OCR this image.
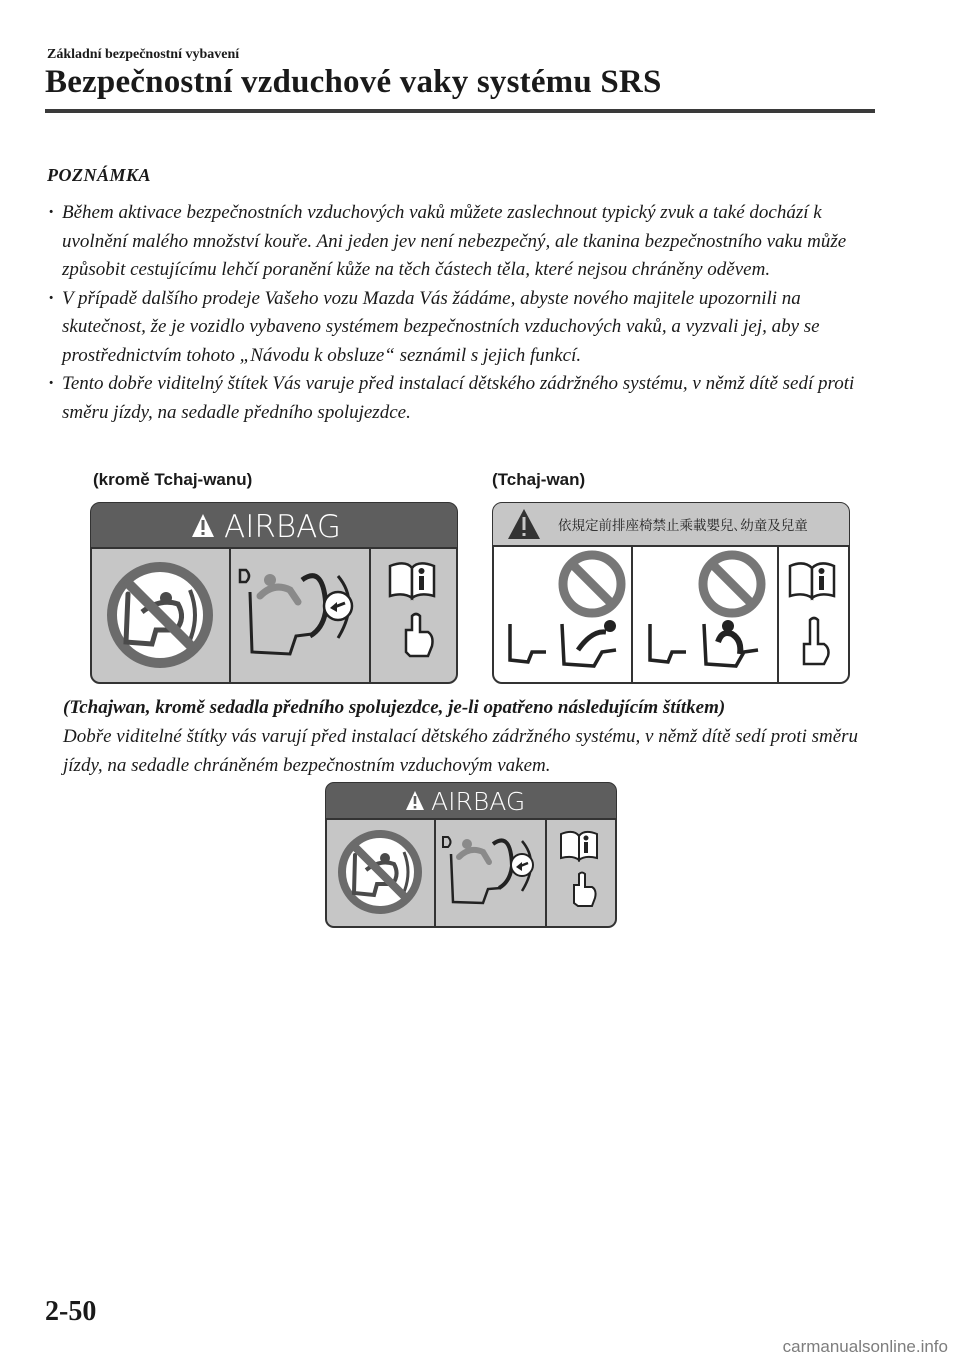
Základní bezpečnostní vybavení
Bezpečnostní vzduchové vaky systému SRS
POZNÁMKA
· Během aktivace bezpečnostních vzduchových vaků můžete zaslechnout typický zvuk a také dochází k uvolnění malého množství kouře. Ani jeden jev není nebezpečný, ale tkanina bezpečnostního vaku může způsobit cestujícímu lehčí poranění kůže na těch částech těla, které nejsou chráněny oděvem.
· V případě dalšího prodeje Vašeho vozu Mazda Vás žádáme, abyste nového majitele upozornili na skutečnost, že je vozidlo vybaveno systémem bezpečnostních vzduchových vaků, a vyzvali jej, aby se prostřednictvím tohoto „Návodu k obsluze“ seznámil s jejich funkcí.
· Tento dobře viditelný štítek Vás varuje před instalací dětského zádržného systému, v němž dítě sedí proti směru jízdy, na sedadle předního spolujezdce.
(kromě Tchaj-wanu)	(Tchaj-wan)
AIRBAG	依規定前排座椅禁止乘載嬰兒､幼童及兒童
(Tchajwan, kromě sedadla předního spolujezdce, je-li opatřeno následujícím štítkem)

Dobře viditelné štítky vás varují před instalací dětského zádržného systému, v němž dítě sedí proti směru jízdy, na sedadle chráněném bezpečnostním vzduchovým vakem.

AIRBAG
2-50
carmanualsonline.info
